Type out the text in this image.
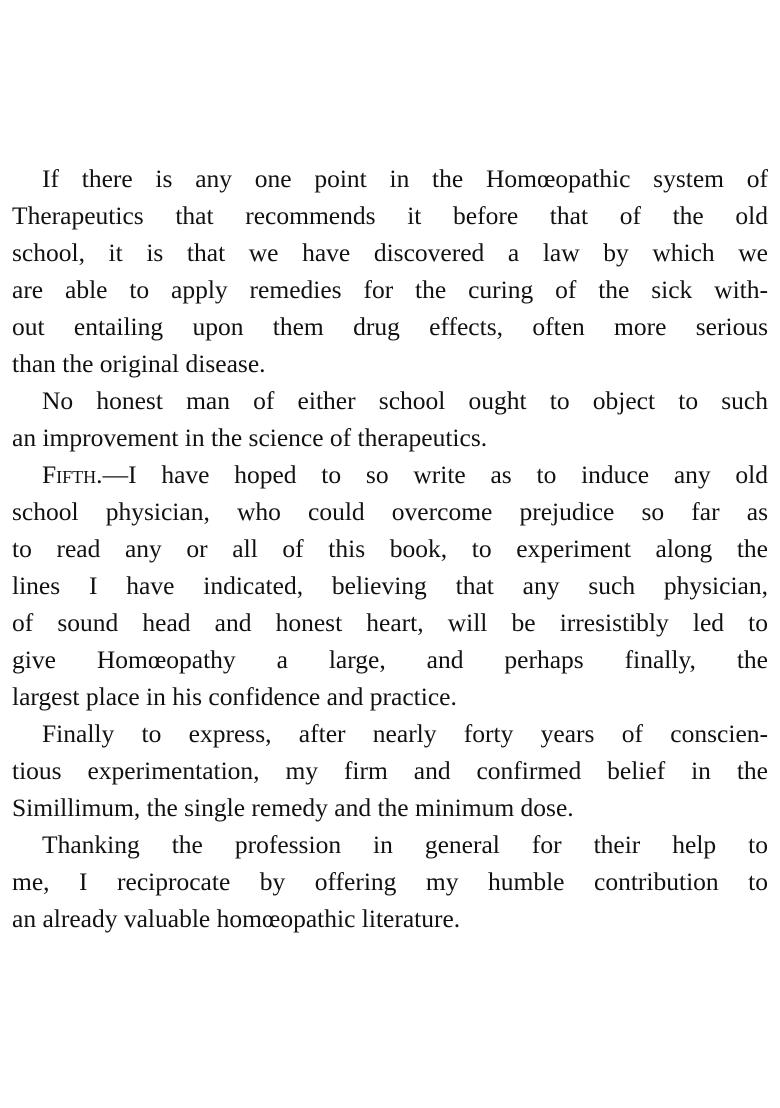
If there is any one point in the Homœopathic system of
Therapeutics that recommends it before that of the old
school, it is that we have discovered a law by which we
are able to apply remedies for the curing of the sick with-
out entailing upon them drug effects, often more serious
than the original disease.
No honest man of either school ought to object to such
an improvement in the science of therapeutics.
Fifth.—I have hoped to so write as to induce any old
school physician, who could overcome prejudice so far as
to read any or all of this book, to experiment along the
lines I have indicated, believing that any such physician,
of sound head and honest heart, will be irresistibly led to
give Homœopathy a large, and perhaps finally, the
largest place in his confidence and practice.
Finally to express, after nearly forty years of conscien-
tious experimentation, my firm and confirmed belief in the
Simillimum, the single remedy and the minimum dose.
Thanking the profession in general for their help to
me, I reciprocate by offering my humble contribution to
an already valuable homœopathic literature.
